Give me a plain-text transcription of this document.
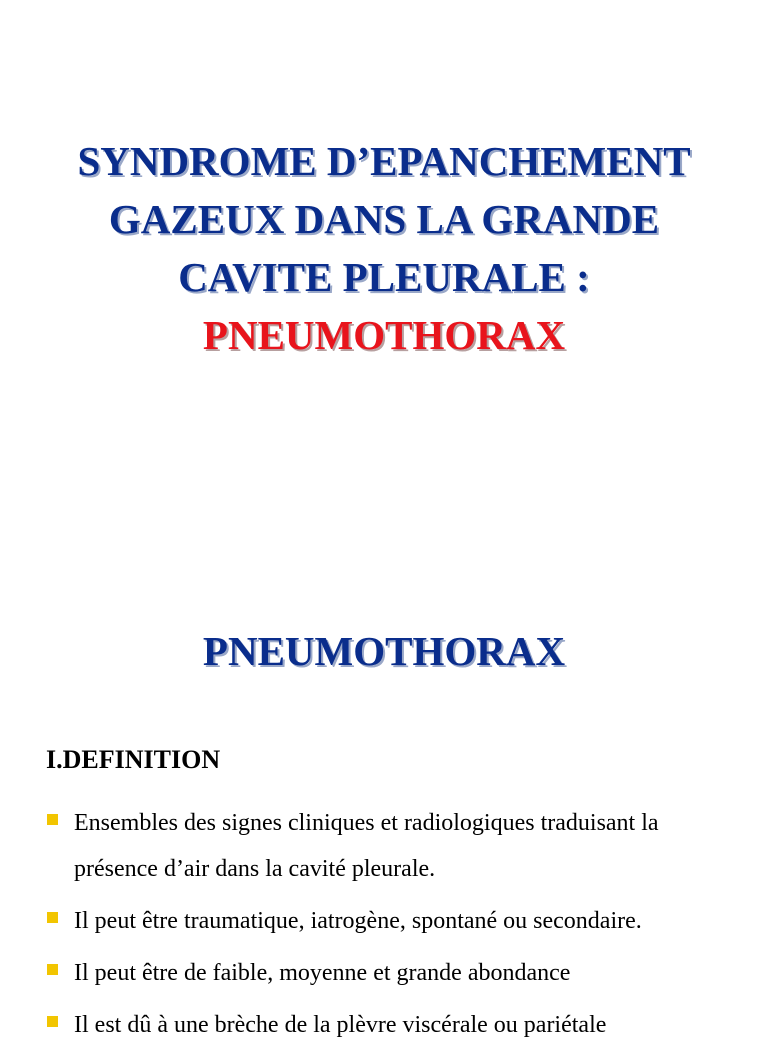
SYNDROME D’EPANCHEMENT
GAZEUX DANS LA GRANDE
CAVITE PLEURALE :
PNEUMOTHORAX
PNEUMOTHORAX
I.DEFINITION
Ensembles des signes cliniques et radiologiques traduisant la
présence d’air dans la cavité pleurale.
Il peut être traumatique, iatrogène, spontané ou secondaire.
Il peut être de faible, moyenne et grande abondance
Il est dû à une brèche de la plèvre viscérale ou pariétale
